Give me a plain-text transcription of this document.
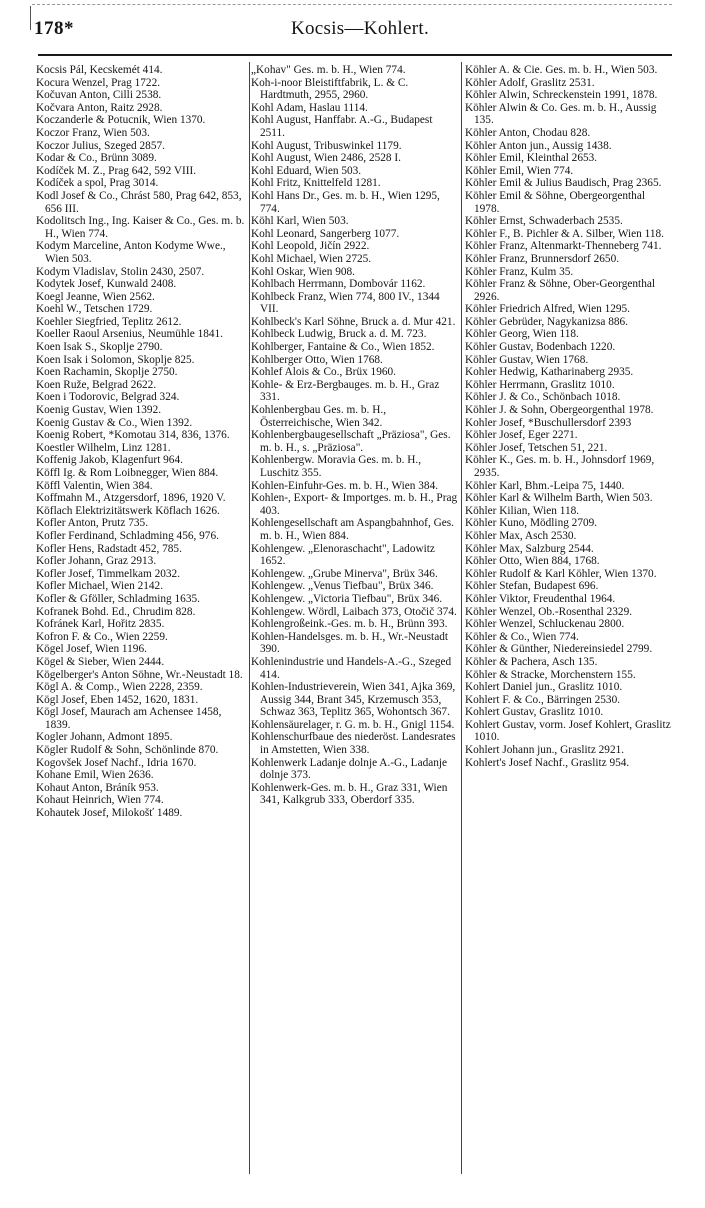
178*	Kocsis—Kohlert.

Kocsis Pál, Kecskemét 414.

Kocura Wenzel, Prag 1722.

Kočuvan Anton, Cilli 2538.

Kočvara Anton, Raitz 2928.

Koczanderle & Potucnik, Wien 1370.

Koczor Franz, Wien 503.

Koczor Julius, Szeged 2857.

Kodar & Co., Brünn 3089.

Kodíček M. Z., Prag 642, 592 VIII.

Kodíček a spol, Prag 3014.

Kodl Josef & Co., Chrást 580, Prag 642, 853, 656 III.

Kodolitsch Ing., Ing. Kaiser & Co., Ges. m. b. H., Wien 774.

Kodym Marceline, Anton Kodyme Wwe., Wien 503.

Kodym Vladislav, Stolin 2430, 2507.

Kodytek Josef, Kunwald 2408.

Koegl Jeanne, Wien 2562.

Koehl W., Tetschen 1729.

Koehler Siegfried, Teplitz 2612.

Koeller Raoul Arsenius, Neumühle 1841.

Koen Isak S., Skoplje 2790.

Koen Isak i Solomon, Skoplje 825.

Koen Rachamin, Skoplje 2750.

Koen Ruže, Belgrad 2622.

Koen i Todorovic, Belgrad 324.

Koenig Gustav, Wien 1392.

Koenig Gustav & Co., Wien 1392.

Koenig Robert, *Komotau 314, 836, 1376.

Koestler Wilhelm, Linz 1281.

Koffenig Jakob, Klagenfurt 964.

Köffl Ig. & Rom Loibnegger, Wien 884.

Köffl Valentin, Wien 384.

Koffmahn M., Atzgersdorf, 1896, 1920 V.

Köflach Elektrizitätswerk Köflach 1626.

Kofler Anton, Prutz 735.

Kofler Ferdinand, Schladming 456, 976.

Kofler Hens, Radstadt 452, 785.

Kofler Johann, Graz 2913.

Kofler Josef, Timmelkam 2032.

Kofler Michael, Wien 2142.

Kofler & Gföller, Schladming 1635.

Kofranek Bohd. Ed., Chrudim 828.

Kofránek Karl, Hořitz 2835.

Kofron F. & Co., Wien 2259.

Kögel Josef, Wien 1196.

Kögel & Sieber, Wien 2444.

Kögelberger's Anton Söhne, Wr.-Neustadt 18.

Kögl A. & Comp., Wien 2228, 2359.

Kögl Josef, Eben 1452, 1620, 1831.

Kögl Josef, Maurach am Achensee 1458, 1839.

Kogler Johann, Admont 1895.

Kögler Rudolf & Sohn, Schönlinde 870.

Kogovšek Josef Nachf., Idria 1670.

Kohane Emil, Wien 2636.

Kohaut Anton, Bráník 953.

Kohaut Heinrich, Wien 774.

Kohautek Josef, Milokošť 1489.

„Kohav" Ges. m. b. H., Wien 774.

Koh-i-noor Bleistiftfabrik, L. & C. Hardtmuth, 2955, 2960.

Kohl Adam, Haslau 1114.

Kohl August, Hanffabr. A.-G., Budapest 2511.

Kohl August, Tribuswinkel 1179.

Kohl August, Wien 2486, 2528 I.

Kohl Eduard, Wien 503.

Kohl Fritz, Knittelfeld 1281.

Kohl Hans Dr., Ges. m. b. H., Wien 1295, 774.

Köhl Karl, Wien 503.

Kohl Leonard, Sangerberg 1077.

Kohl Leopold, Jičín 2922.

Kohl Michael, Wien 2725.

Kohl Oskar, Wien 908.

Kohlbach Herrmann, Dombovár 1162.

Kohlbeck Franz, Wien 774, 800 IV., 1344 VII.

Kohlbeck's Karl Söhne, Bruck a. d. Mur 421.

Kohlbeck Ludwig, Bruck a. d. M. 723.

Kohlberger, Fantaine & Co., Wien 1852.

Kohlberger Otto, Wien 1768.

Kohlef Alois & Co., Brüx 1960.

Kohle- & Erz-Bergbauges. m. b. H., Graz 331.

Kohlenbergbau Ges. m. b. H., Österreichische, Wien 342.

Kohlenbergbaugesellschaft „Präziosa", Ges. m. b. H., s. „Präziosa".

Kohlenbergw. Moravia Ges. m. b. H., Luschitz 355.

Kohlen-Einfuhr-Ges. m. b. H., Wien 384.

Kohlen-, Export- & Importges. m. b. H., Prag 403.

Kohlengesellschaft am Aspangbahnhof, Ges. m. b. H., Wien 884.

Kohlengew. „Elenoraschacht", Ladowitz 1652.

Kohlengew. „Grube Minerva", Brüx 346.

Kohlengew. „Venus Tiefbau", Brüx 346.

Kohlengew. „Victoria Tiefbau", Brüx 346.

Kohlengew. Wördl, Laibach 373, Otočič 374.

Kohlengroßeink.-Ges. m. b. H., Brünn 393.

Kohlen-Handelsges. m. b. H., Wr.-Neustadt 390.

Kohlenindustrie und Handels-A.-G., Szeged 414.

Kohlen-Industrieverein, Wien 341, Ajka 369, Aussig 344, Brant 345, Krzemusch 353, Schwaz 363, Teplitz 365, Wohontsch 367.

Kohlensäurelager, r. G. m. b. H., Gnigl 1154.

Kohlenschurfbaue des niederöst. Landesrates in Amstetten, Wien 338.

Kohlenwerk Ladanje dolnje A.-G., Ladanje dolnje 373.

Kohlenwerk-Ges. m. b. H., Graz 331, Wien 341, Kalkgrub 333, Oberdorf 335.

Köhler A. & Cie. Ges. m. b. H., Wien 503.

Köhler Adolf, Graslitz 2531.

Köhler Alwin, Schreckenstein 1991, 1878.

Köhler Alwin & Co. Ges. m. b. H., Aussig 135.

Köhler Anton, Chodau 828.

Köhler Anton jun., Aussig 1438.

Köhler Emil, Kleinthal 2653.

Köhler Emil, Wien 774.

Köhler Emil & Julius Baudisch, Prag 2365.

Köhler Emil & Söhne, Obergeorgenthal 1978.

Köhler Ernst, Schwaderbach 2535.

Köhler F., B. Pichler & A. Silber, Wien 118.

Köhler Franz, Altenmarkt-Thenneberg 741.

Köhler Franz, Brunnersdorf 2650.

Köhler Franz, Kulm 35.

Köhler Franz & Söhne, Ober-Georgenthal 2926.

Köhler Friedrich Alfred, Wien 1295.

Köhler Gebrüder, Nagykanizsa 886.

Köhler Georg, Wien 118.

Köhler Gustav, Bodenbach 1220.

Köhler Gustav, Wien 1768.

Kohler Hedwig, Katharinaberg 2935.

Köhler Herrmann, Graslitz 1010.

Köhler J. & Co., Schönbach 1018.

Köhler J. & Sohn, Obergeorgenthal 1978.

Kohler Josef, *Buschullersdorf 2393

Köhler Josef, Eger 2271.

Köhler Josef, Tetschen 51, 221.

Köhler K., Ges. m. b. H., Johnsdorf 1969, 2935.

Köhler Karl, Bhm.-Leipa 75, 1440.

Köhler Karl & Wilhelm Barth, Wien 503.

Köhler Kilian, Wien 118.

Köhler Kuno, Mödling 2709.

Köhler Max, Asch 2530.

Köhler Max, Salzburg 2544.

Köhler Otto, Wien 884, 1768.

Köhler Rudolf & Karl Köhler, Wien 1370.

Köhler Stefan, Budapest 696.

Köhler Viktor, Freudenthal 1964.

Köhler Wenzel, Ob.-Rosenthal 2329.

Köhler Wenzel, Schluckenau 2800.

Köhler & Co., Wien 774.

Köhler & Günther, Niedereinsiedel 2799.

Köhler & Pachera, Asch 135.

Köhler & Stracke, Morchenstern 155.

Kohlert Daniel jun., Graslitz 1010.

Kohlert F. & Co., Bärringen 2530.

Kohlert Gustav, Graslitz 1010.

Kohlert Gustav, vorm. Josef Kohlert, Graslitz 1010.

Kohlert Johann jun., Graslitz 2921.

Kohlert's Josef Nachf., Graslitz 954.
